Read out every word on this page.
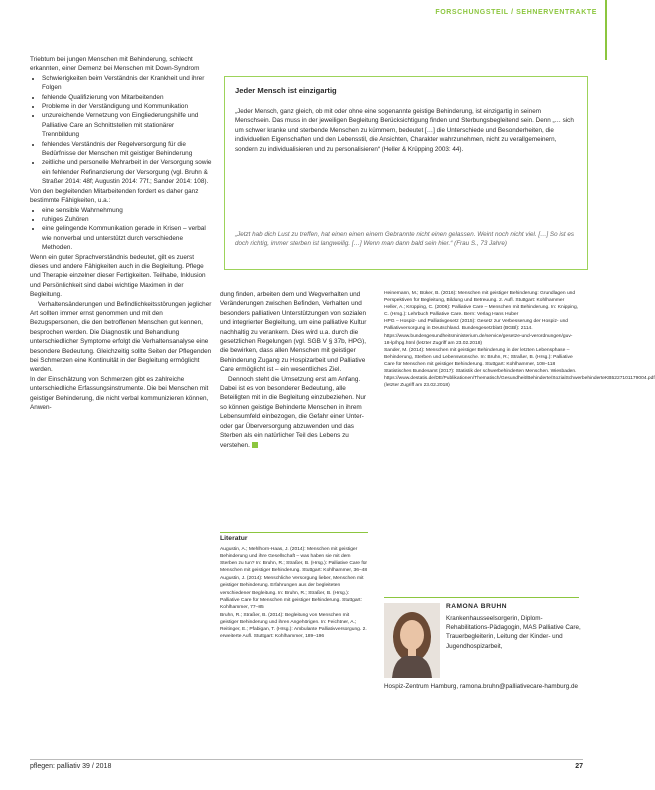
FORSCHUNGSTEIL / SEHNERVENTRAKTE

Triebtum bei jungen Menschen mit Behinderung, schlecht erkannten, einer Demenz bei Menschen mit Down-Syndrom

• Schwierigkeiten beim Verständnis der Krankheit und ihrer Folgen
• fehlende Qualifizierung von Mitarbeitenden
• Probleme in der Verständigung und Kommunikation
• unzureichende Vernetzung von Eingliederungshilfe und Palliative Care an Schnittstellen mit stationärer Trennbildung
• fehlendes Verständnis der Regelversorgung für die Bedürfnisse der Menschen mit geistiger Behinderung
• zeitliche und personelle Mehrarbeit in der Versorgung sowie ein fehlender Refinanzierung der Versorgung (vgl. Bruhn & Straßer 2014: 48f; Augustin 2014: 77f.; Sander 2014: 108).

Von den begleitenden Mitarbeitenden fordert es daher ganz bestimmte Fähigkeiten, u.a.:

• eine sensible Wahrnehmung
• ruhiges Zuhören
• eine gelingende Kommunikation gerade in Krisen – verbal wie nonverbal und unterstützt durch verschiedene Methoden.

Wenn ein guter Sprachverständnis bedeutet, gilt es zuerst dieses und andere Fähigkeiten auch in die Begleitung. Pflege und Therapie einzelner dieser Fertigkeiten. Teilhabe, Inklusion und Persönlichkeit sind dabei wichtige Maximen in der Begleitung.

Verhaltensänderungen und Befindlichkeitsstörungen jeglicher Art sollten immer ernst genommen und mit den Bezugspersonen, die den betroffenen Menschen gut kennen, besprochen werden. Die Diagnostik und Behandlung unterschiedlicher Symptome erfolgt die Verhaltensanalyse eine besondere Bedeutung. Gleichzeitig sollte Seiten der Pflegenden bei Schmerzen eine Kontinuität in der Begleitung ermöglicht werden.

In der Einschätzung von Schmerzen gibt es zahlreiche unterschiedliche Erfassungsinstrumente. Die bei Menschen mit geistiger Behinderung, die nicht verbal kommunizieren können, Anwen-

Jeder Mensch ist einzigartig
„Jeder Mensch, ganz gleich, ob mit oder ohne eine sogenannte geistige Behinderung, ist einzigartig in seinem Menschsein. Das muss in der jeweiligen Begleitung Berücksichtigung finden und Sterbungsbegleitend sein. Denn „… sich um schwer kranke und sterbende Menschen zu kümmern, bedeutet […] die Unterschiede und Besonderheiten, die individuellen Eigenschaften und den Lebensstil, die Ansichten, Charakter wahrzunehmen, nicht zu verallgemeinern, sondern zu individualisieren und zu personalisieren“ (Heller & Krüpping 2003: 44).
„Jetzt hab dich Lust zu treffen, hat einen einen einem Gebrannte nicht einen gelassen. Weint noch nicht viel. […] So ist es doch richtig, immer sterben ist langweilig. […] Wenn man dann bald sein hier.“ (Frau S., 73 Jahre)

dung finden, arbeiten dem und Wegverhalten und Veränderungen zwischen Befinden, Verhalten und besonders palliativen Unterstützungen von sozialen und integrierter Begleitung, um eine palliative Kultur nachhaltig zu verankern. Dies wird u.a. durch die gesetzlichen Regelungen (vgl. SGB V § 37b, HPG), die bewirken, dass allen Menschen mit geistiger Behinderung Zugang zu Hospizarbeit und Palliative Care ermöglicht ist – ein wesentliches Ziel.

Dennoch steht die Umsetzung erst am Anfang. Dabei ist es von besonderer Bedeutung, alle Beteiligten mit in die Begleitung einzubeziehen. Nur so können geistige Behinderte Menschen in ihrem Lebensumfeld einbezogen, die Gefahr einer Unter- oder gar Überversorgung abzuwenden und das Sterben als ein natürlicher Teil des Lebens zu verstehen.

Literatur

Augustin, A.; Mehlhorn-Haas, J. (2014): Menschen mit geistiger Behinderung und ihre Gesellschaft – was haben sie mit dem Sterben zu tun? In: Bruhn, R.; Straßer, B. (Hrsg.): Palliative Care für Menschen mit geistiger Behinderung. Stuttgart: Kohlhammer, 36–48

Augustin, J. (2014): Menschliche Versorgung lieber, Menschen mit geistiger Behinderung. Erfahrungen aus der begleiteten verschiedener Begleitung. In: Bruhn, R.; Straßer, B. (Hrsg.): Palliative Care für Menschen mit geistiger Behinderung. Stuttgart: Kohlhammer, 77–85

Bruhn, R.; Straßer, B. (2014): Begleitung von Menschen mit geistiger Behinderung und ihren Angehörigen. In: Feichtner, A.; Reitinger, E.; Pfabigan, T. (Hrsg.): Ambulante Palliativversorgung. 2. erweiterte Aufl. Stuttgart: Kohlhammer, 189–196

Heinemann, M.; Büker, B. (2016): Menschen mit geistiger Behinderung: Grundlagen und Perspektiven für Begleitung, Bildung und Betreuung. 2. Aufl. Stuttgart: Kohlhammer

Heller, A.; Krüpping, C. (2006): Palliative Care – Menschen mit Behinderung. In: Knipping, C. (Hrsg.): Lehrbuch Palliative Care. Bern: Verlag Hans Huber

HPG – Hospiz- und Palliativgesetz (2015): Gesetz zur Verbesserung der Hospiz- und Palliativversorgung in Deutschland. Bundesgesetzblatt (BGBl): 2114. https://www.bundesgesundheitsministerium.de/service/gesetze-und-verordnungen/guv-18-lp/hpg.html (letzter Zugriff am 23.02.2018)

Sander, M. (2014): Menschen mit geistiger Behinderung in der letzten Lebensphase – Behinderung, Sterben und Lebenswünsche. In: Bruhn, R.; Straßer, B. (Hrsg.): Palliative Care für Menschen mit geistiger Behinderung. Stuttgart: Kohlhammer, 108–118

Statistisches Bundesamt (2017): Statistik der schwerbehinderten Menschen. Wiesbaden. https://www.destatis.de/DE/Publikationen/Thematisch/Gesundheit/Behinderte/SozialSchwerbehinderteKB5227101179004.pdf (letzter Zugriff am 23.02.2018)

RAMONA BRUHN
Krankenhausseelsorgerin, Diplom-Rehabilitations-Pädagogin, MAS Palliative Care, Trauerbegleiterin, Leitung der Kinder- und Jugendhospizarbeit,
Hospiz-Zentrum Hamburg, ramona.bruhn@palliativecare-hamburg.de
pflegen: palliativ 39 / 2018	27
